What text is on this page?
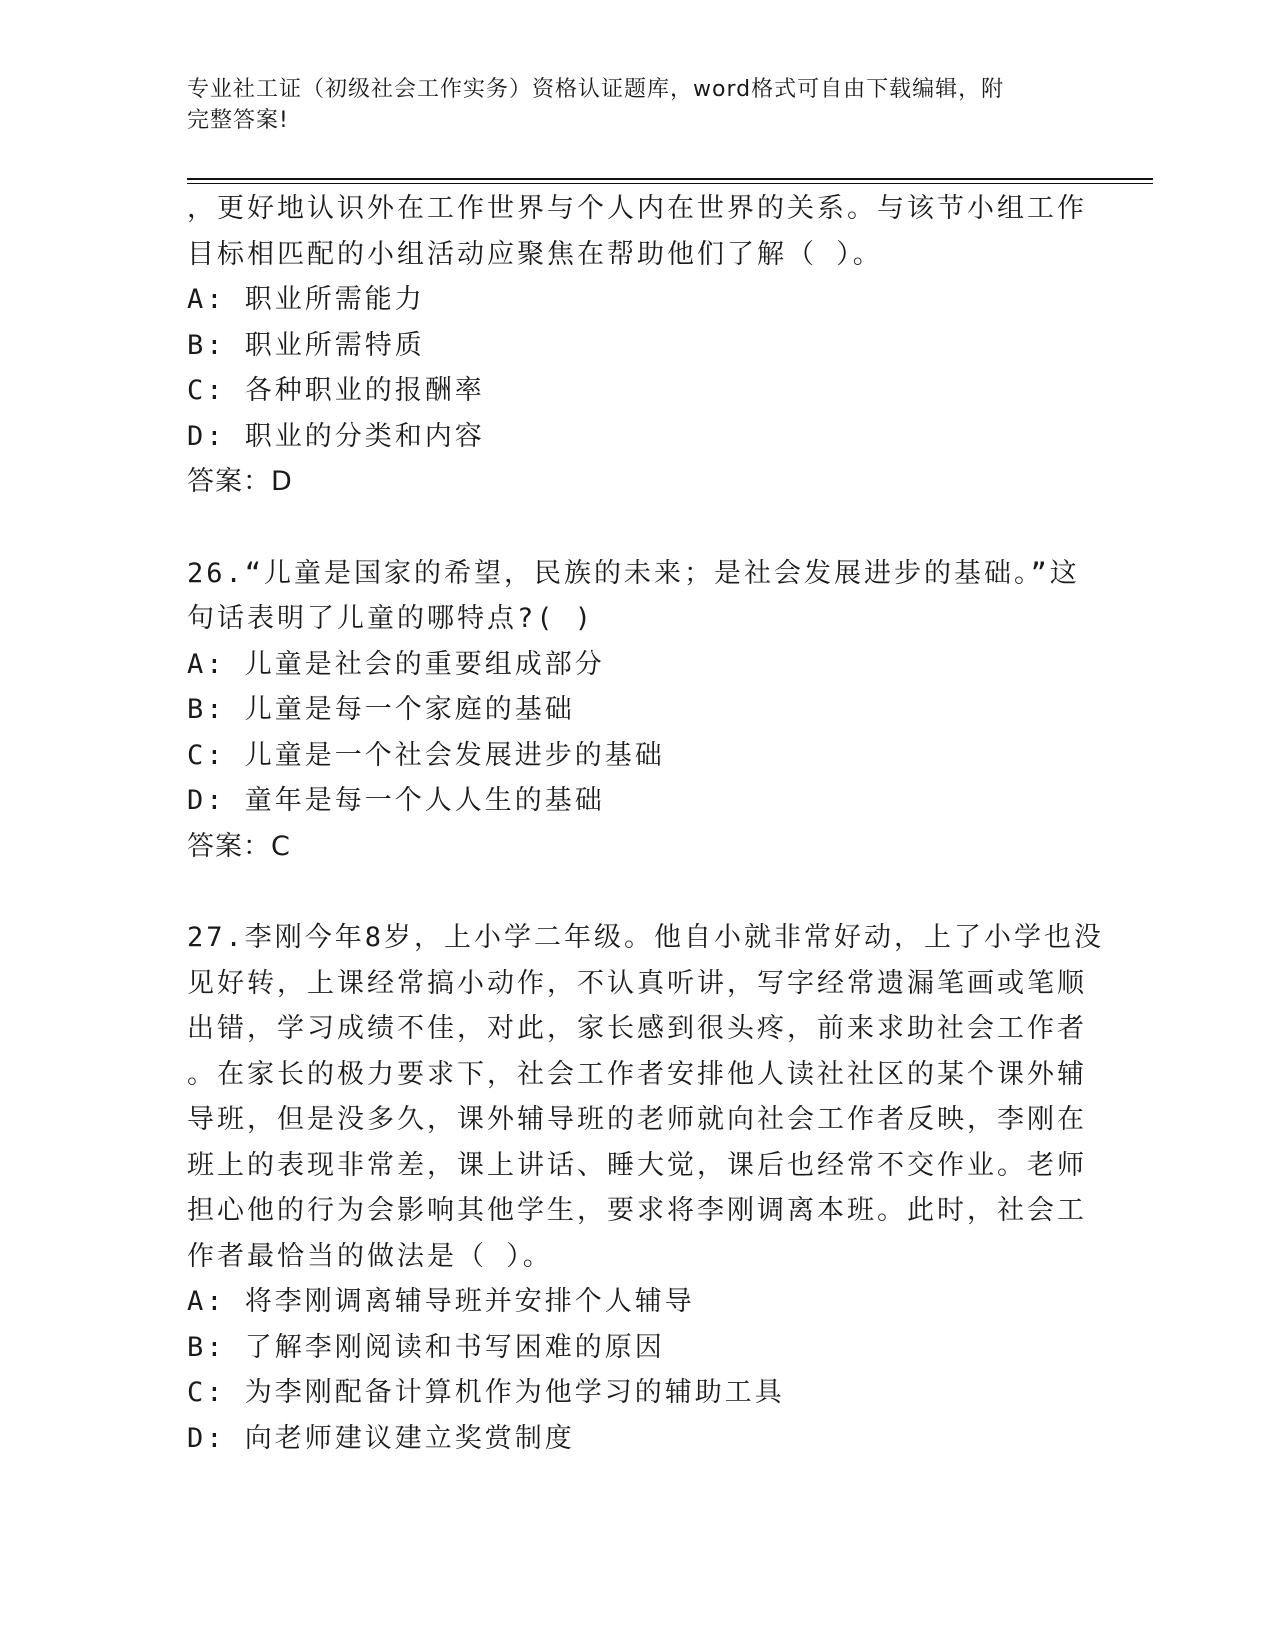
专业社工证（初级社会工作实务）资格认证题库，word格式可自由下载编辑，附

完整答案!

，更好地认识外在工作世界与个人内在世界的关系。与该节小组工作
目标相匹配的小组活动应聚焦在帮助他们了解（ ）。
A: 职业所需能力
B: 职业所需特质
C: 各种职业的报酬率
D: 职业的分类和内容
答案：D
26.“儿童是国家的希望，民族的未来；是社会发展进步的基础。”这
句话表明了儿童的哪特点?( )
A: 儿童是社会的重要组成部分
B: 儿童是每一个家庭的基础
C: 儿童是一个社会发展进步的基础
D: 童年是每一个人人生的基础
答案：C
27.李刚今年8岁，上小学二年级。他自小就非常好动，上了小学也没
见好转，上课经常搞小动作，不认真听讲，写字经常遗漏笔画或笔顺
出错，学习成绩不佳，对此，家长感到很头疼，前来求助社会工作者
。在家长的极力要求下，社会工作者安排他人读社社区的某个课外辅
导班，但是没多久，课外辅导班的老师就向社会工作者反映，李刚在
班上的表现非常差，课上讲话、睡大觉，课后也经常不交作业。老师
担心他的行为会影响其他学生，要求将李刚调离本班。此时，社会工
作者最恰当的做法是（ ）。
A: 将李刚调离辅导班并安排个人辅导
B: 了解李刚阅读和书写困难的原因
C: 为李刚配备计算机作为他学习的辅助工具
D: 向老师建议建立奖赏制度
